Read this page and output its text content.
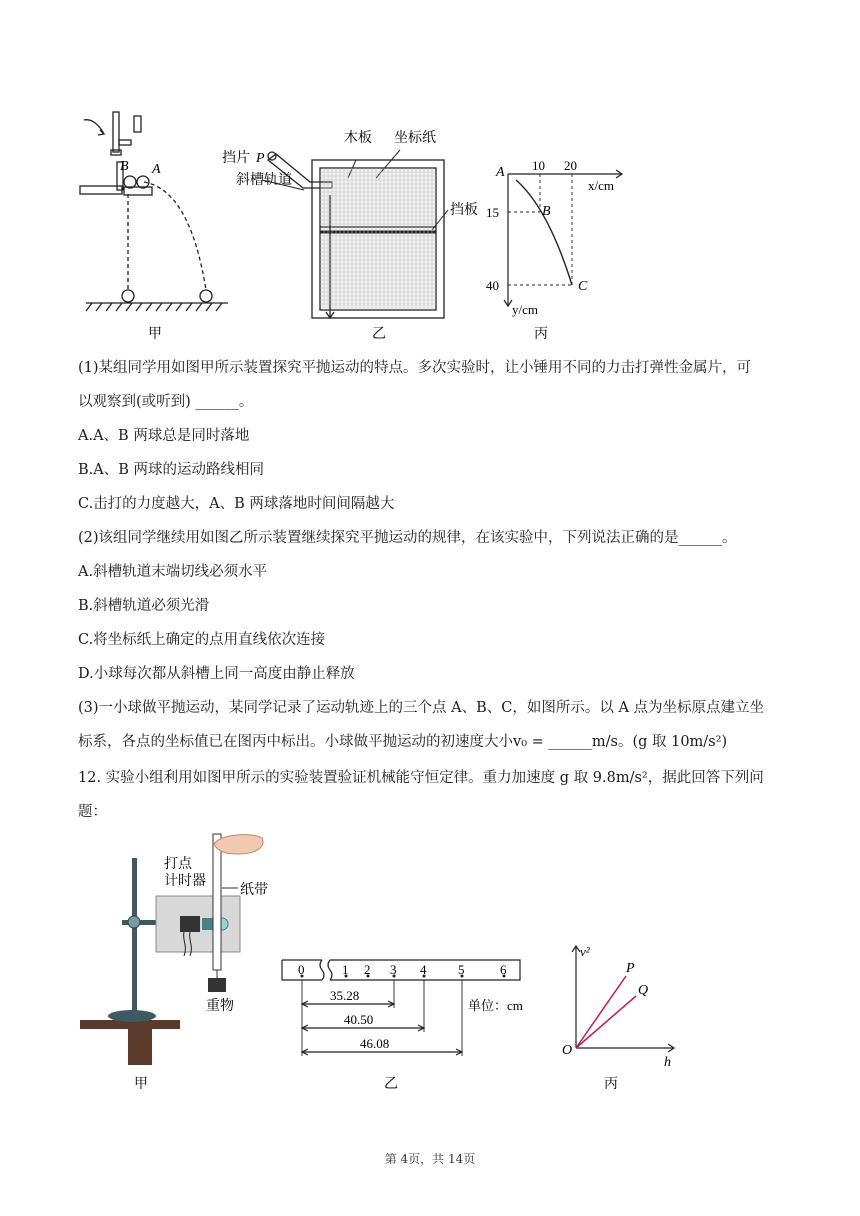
B A
甲
挡片 P
木板 坐标纸
斜槽轨道
挡板
乙
A 10 20
x/cm
15	B
40	C
y/cm
丙
(1)某组同学用如图甲所示装置探究平抛运动的特点。多次实验时，让小锤用不同的力击打弹性金属片，可
以观察到(或听到) ______。
A.A、B 两球总是同时落地
B.A、B 两球的运动路线相同
C.击打的力度越大，A、B 两球落地时间间隔越大
(2)该组同学继续用如图乙所示装置继续探究平抛运动的规律，在该实验中，下列说法正确的是______。
A.斜槽轨道末端切线必须水平
B.斜槽轨道必须光滑
C.将坐标纸上确定的点用直线依次连接
D.小球每次都从斜槽上同一高度由静止释放
(3)一小球做平抛运动，某同学记录了运动轨迹上的三个点 A、B、C，如图所示。以 A 点为坐标原点建立坐
标系，各点的坐标值已在图丙中标出。小球做平抛运动的初速度大小v₀ = ______m/s。(g 取 10m/s²)
12. 实验小组利用如图甲所示的实验装置验证机械能守恒定律。重力加速度 g 取 9.8m/s²，据此回答下列问
题：
打点
计时器
纸带
重物
甲
0	1 2 3 4 5	6
35.28
40.50
46.08
单位：cm
乙
v²
P
Q
O
h
丙
第 4页，共 14页
